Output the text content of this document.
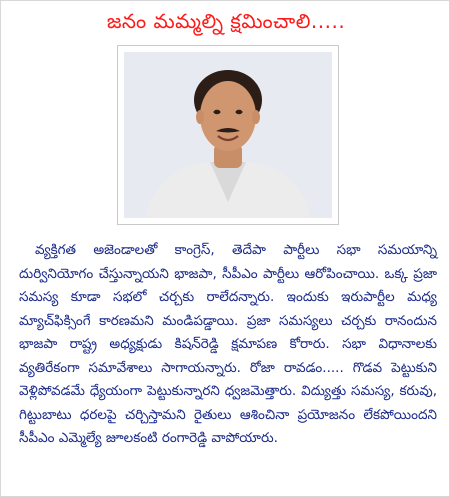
జనం మమ్మల్ని క్షమించాలి.....

వ్యక్తిగత అజెండాలతో కాంగ్రెస్, తెదేపా పార్టీలు సభా సమయాన్ని దుర్వినియోగం చేస్తున్నాయని భాజపా, సీపీఎం పార్టీలు ఆరోపించాయి. ఒక్క ప్రజా సమస్య కూడా సభలో చర్చకు రాలేదన్నారు. ఇందుకు ఇరుపార్టీల మధ్య మ్యాచ్‌ఫిక్సింగే కారణమని మండిపడ్డాయి. ప్రజా సమస్యలు చర్చకు రానందున భాజపా రాష్ట్ర అధ్యక్షుడు కిషన్‌రెడ్డి క్షమాపణ కోరారు. సభా విధానాలకు వ్యతిరేకంగా సమావేశాలు సాగాయన్నారు. రోజా రావడం..... గొడవ పెట్టుకుని వెళ్లిపోవడమే ధ్యేయంగా పెట్టుకున్నారని ధ్వజమెత్తారు. విద్యుత్తు సమస్య, కరువు, గిట్టుబాటు ధరలపై చర్చిస్తామని రైతులు ఆశించినా ప్రయోజనం లేకపోయిందని సీపీఎం ఎమ్మెల్యే జూలకంటి రంగారెడ్డి వాపోయారు.
